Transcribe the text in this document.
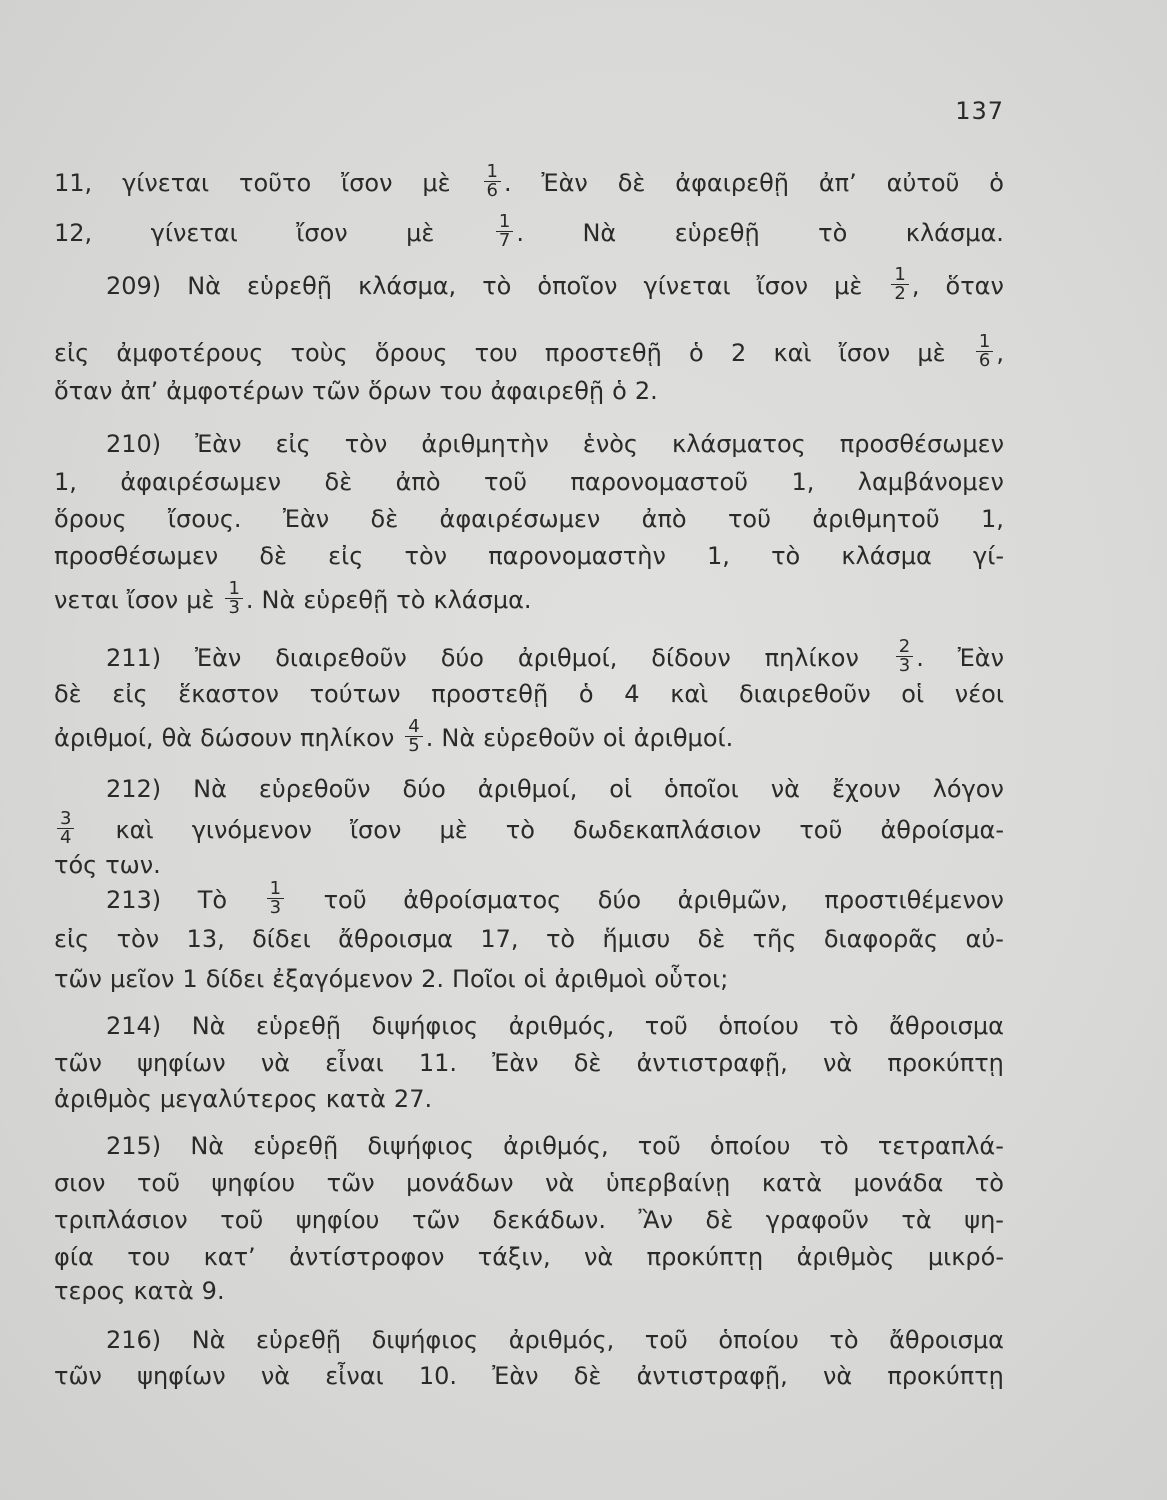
137
11, γίνεται τοῦτο ἴσον μὲ $\frac{1}{6}$ . Ἐὰν δὲ ἀφαιρεθῇ ἀπ’ αὐτοῦ ὁ
12, γίνεται ἴσον μὲ	$\frac{1}{7}$ . Νὰ εὑρεθῇ τὸ κλάσμα.
209) Νὰ εὑρεθῇ κλάσμα, τὸ ὁποῖον γίνεται ἴσον μὲ $\frac{1}{2}$ , ὅταν
εἰς ἀμφοτέρους τοὺς ὅρους του προστεθῇ ὁ 2 καὶ ἴσον μὲ $\frac{1}{6}$ ,
ὅταν ἀπ’ ἀμφοτέρων τῶν ὅρων του ἀφαιρεθῇ ὁ 2.
210) Ἐὰν εἰς τὸν ἀριθμητὴν ἑνὸς κλάσματος προσθέσωμεν
1, ἀφαιρέσωμεν δὲ ἀπὸ τοῦ παρονομαστοῦ 1, λαμβάνομεν
ὅρους ἴσους. Ἐὰν δὲ ἀφαιρέσωμεν ἀπὸ τοῦ ἀριθμητοῦ 1,
προσθέσωμεν δὲ εἰς τὸν παρονομαστὴν 1, τὸ κλάσμα γί-
νεται ἴσον μὲ $\frac{1}{3}$ . Νὰ εὑρεθῇ τὸ κλάσμα.
211) Ἐὰν διαιρεθοῦν δύο ἀριθμοί, δίδουν πηλίκον $\frac{2}{3}$ . Ἐὰν
δὲ εἰς ἕκαστον τούτων προστεθῇ ὁ 4 καὶ διαιρεθοῦν οἱ νέοι
ἀριθμοί, θὰ δώσουν πηλίκον $\frac{4}{5}$ . Νὰ εὑρεθοῦν οἱ ἀριθμοί.
212) Νὰ εὑρεθοῦν δύο ἀριθμοί, οἱ ὁποῖοι νὰ ἔχουν λόγον
$\frac{3}{4}$ καὶ γινόμενον ἴσον μὲ τὸ δωδεκαπλάσιον τοῦ ἀθροίσμα-
τός των.
213) Τὸ $\frac{1}{3}$ τοῦ ἀθροίσματος δύο ἀριθμῶν, προστιθέμενον
εἰς τὸν 13, δίδει ἄθροισμα 17, τὸ ἥμισυ δὲ τῆς διαφορᾶς αὐ-
τῶν μεῖον 1 δίδει ἐξαγόμενον 2. Ποῖοι οἱ ἀριθμοὶ οὗτοι;
214) Νὰ εὑρεθῇ διψήφιος ἀριθμός, τοῦ ὁποίου τὸ ἄθροισμα
τῶν ψηφίων νὰ εἶναι 11. Ἐὰν δὲ ἀντιστραφῇ, νὰ προκύπτῃ
ἀριθμὸς μεγαλύτερος κατὰ 27.
215) Νὰ εὑρεθῇ διψήφιος ἀριθμός, τοῦ ὁποίου τὸ τετραπλά-
σιον τοῦ ψηφίου τῶν μονάδων νὰ ὑπερβαίνῃ κατὰ μονάδα τὸ
τριπλάσιον τοῦ ψηφίου τῶν δεκάδων. Ἂν δὲ γραφοῦν τὰ ψη-
φία του κατ’ ἀντίστροφον τάξιν, νὰ προκύπτῃ ἀριθμὸς μικρό-
τερος κατὰ 9.
216) Νὰ εὑρεθῇ διψήφιος ἀριθμός, τοῦ ὁποίου τὸ ἄθροισμα
τῶν ψηφίων νὰ εἶναι 10. Ἐὰν δὲ ἀντιστραφῇ, νὰ προκύπτῃ
